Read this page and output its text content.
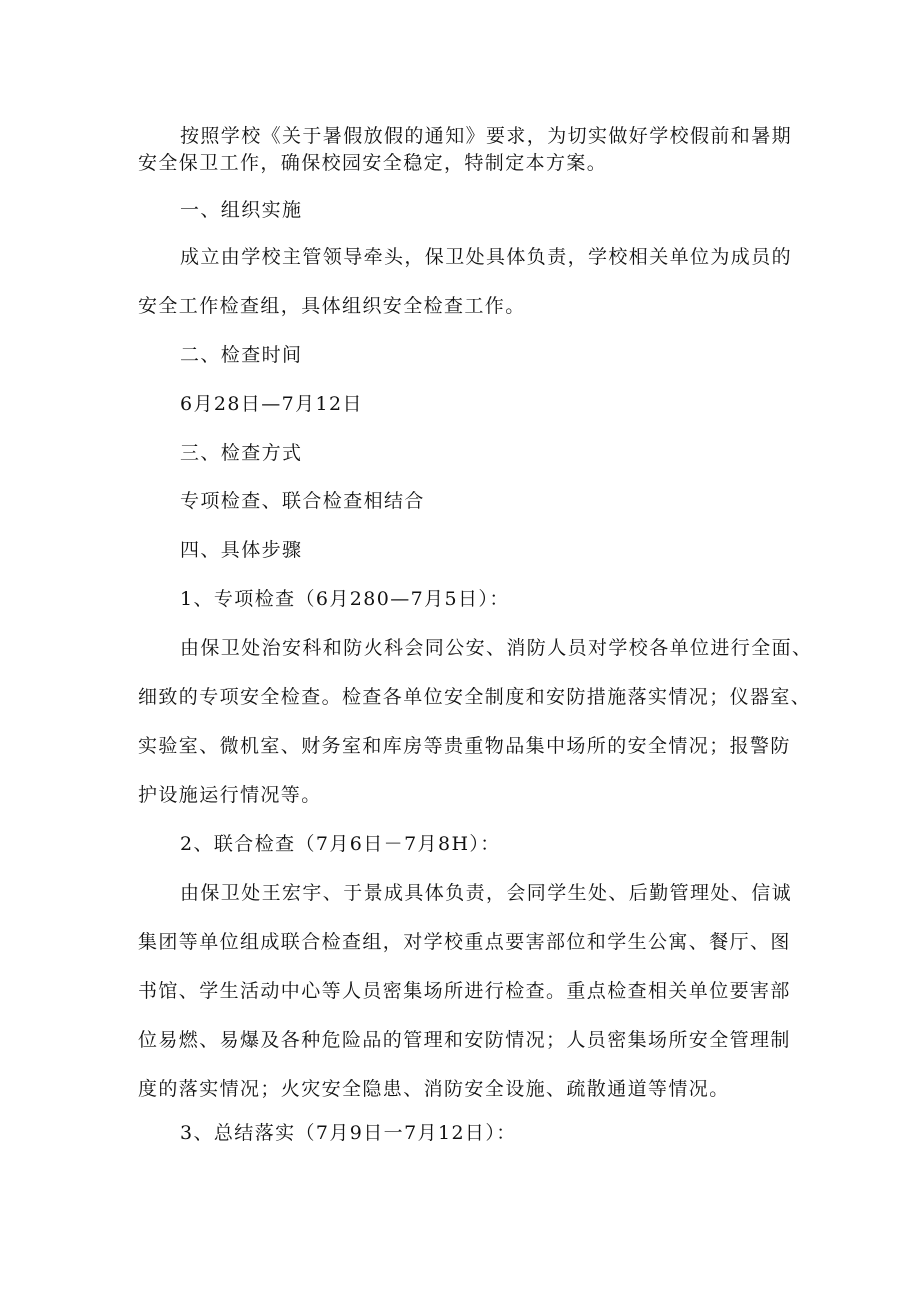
按照学校《关于暑假放假的通知》要求，为切实做好学校假前和暑期
安全保卫工作，确保校园安全稳定，特制定本方案。
一、组织实施
成立由学校主管领导牵头，保卫处具体负责，学校相关单位为成员的
安全工作检查组，具体组织安全检查工作。
二、检查时间
6月28日—7月12日
三、检查方式
专项检查、联合检查相结合
四、具体步骤
1、专项检查（6月280—7月5日）：
由保卫处治安科和防火科会同公安、消防人员对学校各单位进行全面、
细致的专项安全检查。检查各单位安全制度和安防措施落实情况；仪器室、
实验室、微机室、财务室和库房等贵重物品集中场所的安全情况；报警防
护设施运行情况等。
2、联合检查（7月6日－7月8H）：
由保卫处王宏宇、于景成具体负责，会同学生处、后勤管理处、信诚
集团等单位组成联合检查组，对学校重点要害部位和学生公寓、餐厅、图
书馆、学生活动中心等人员密集场所进行检查。重点检查相关单位要害部
位易燃、易爆及各种危险品的管理和安防情况；人员密集场所安全管理制
度的落实情况；火灾安全隐患、消防安全设施、疏散通道等情况。
3、总结落实（7月9日一7月12日）：
